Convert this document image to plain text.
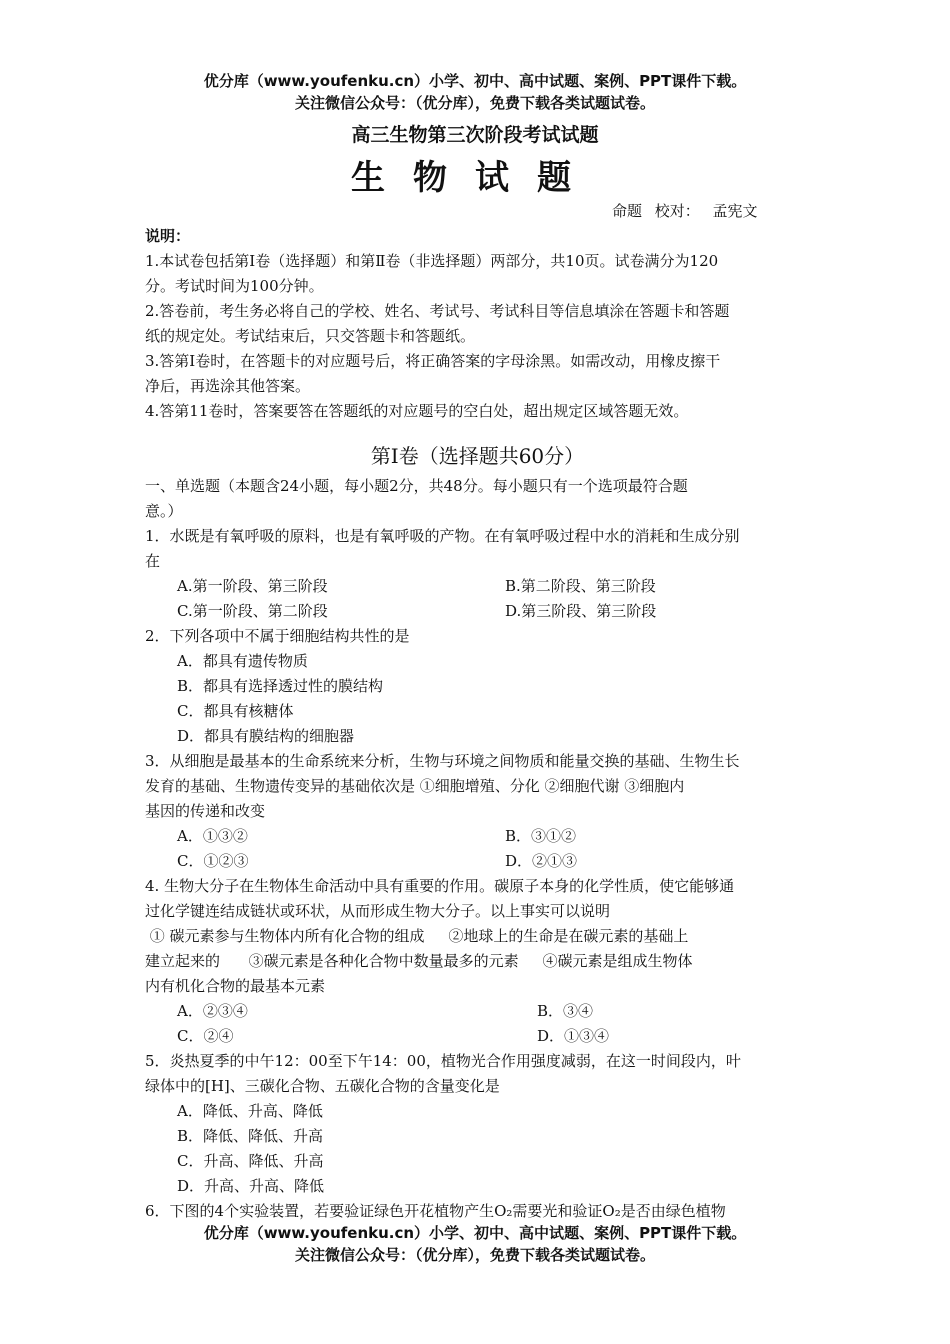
优分库（www.youfenku.cn）小学、初中、高中试题、案例、PPT课件下载。
关注微信公众号：（优分库），免费下载各类试题试卷。
高三生物第三次阶段考试试题
生物试题
命题 校对： 孟宪文
说明：
1.本试卷包括第Ⅰ卷（选择题）和第Ⅱ卷（非选择题）两部分，共10页。试卷满分为120
分。考试时间为100分钟。
2.答卷前，考生务必将自己的学校、姓名、考试号、考试科目等信息填涂在答题卡和答题
纸的规定处。考试结束后，只交答题卡和答题纸。
3.答第Ⅰ卷时，在答题卡的对应题号后，将正确答案的字母涂黑。如需改动，用橡皮擦干
净后，再选涂其他答案。
4.答第11卷时，答案要答在答题纸的对应题号的空白处，超出规定区域答题无效。
第Ⅰ卷（选择题共60分）
一、单选题（本题含24小题，每小题2分，共48分。每小题只有一个选项最符合题
意。）
1．水既是有氧呼吸的原料，也是有氧呼吸的产物。在有氧呼吸过程中水的消耗和生成分别
在
A.第一阶段、第三阶段	B.第二阶段、第三阶段
C.第一阶段、第二阶段	D.第三阶段、第三阶段
2．下列各项中不属于细胞结构共性的是
A．都具有遗传物质
B．都具有选择透过性的膜结构
C．都具有核糖体
D．都具有膜结构的细胞器
3．从细胞是最基本的生命系统来分析，生物与环境之间物质和能量交换的基础、生物生长
发育的基础、生物遗传变异的基础依次是 ①细胞增殖、分化 ②细胞代谢 ③细胞内
基因的传递和改变
A．①③②	B．③①②
C．①②③	D．②①③
4. 生物大分子在生物体生命活动中具有重要的作用。碳原子本身的化学性质，使它能够通
过化学键连结成链状或环状，从而形成生物大分子。以上事实可以说明
① 碳元素参与生物体内所有化合物的组成     ②地球上的生命是在碳元素的基础上
建立起来的      ③碳元素是各种化合物中数量最多的元素     ④碳元素是组成生物体
内有机化合物的最基本元素
A．②③④	B．③④
C．②④	D．①③④
5．炎热夏季的中午12：00至下午14：00，植物光合作用强度减弱，在这一时间段内，叶
绿体中的[H]、三碳化合物、五碳化合物的含量变化是
A．降低、升高、降低
B．降低、降低、升高
C．升高、降低、升高
D．升高、升高、降低
6．下图的4个实验装置，若要验证绿色开花植物产生O₂需要光和验证O₂是否由绿色植物
优分库（www.youfenku.cn）小学、初中、高中试题、案例、PPT课件下载。
关注微信公众号：（优分库），免费下载各类试题试卷。
